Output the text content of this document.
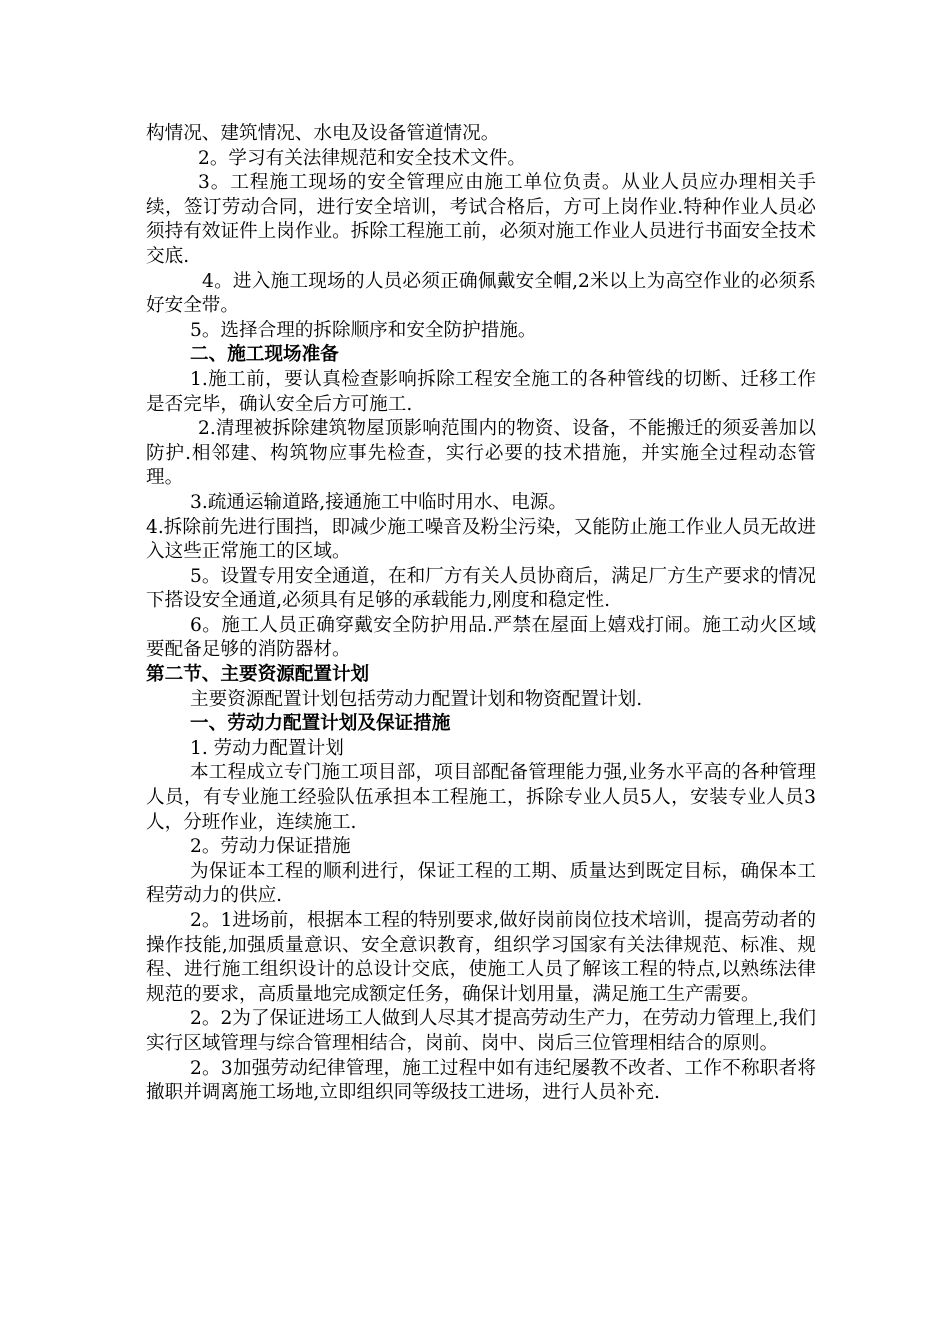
构情况、建筑情况、水电及设备管道情况。

2。学习有关法律规范和安全技术文件。

3。工程施工现场的安全管理应由施工单位负责。从业人员应办理相关手续，签订劳动合同，进行安全培训，考试合格后，方可上岗作业.特种作业人员必须持有效证件上岗作业。拆除工程施工前，必须对施工作业人员进行书面安全技术交底.

4。进入施工现场的人员必须正确佩戴安全帽,2米以上为高空作业的必须系好安全带。

5。选择合理的拆除顺序和安全防护措施。

二、施工现场准备

1.施工前，要认真检查影响拆除工程安全施工的各种管线的切断、迁移工作是否完毕，确认安全后方可施工.

2.清理被拆除建筑物屋顶影响范围内的物资、设备，不能搬迁的须妥善加以防护.相邻建、构筑物应事先检查，实行必要的技术措施，并实施全过程动态管理。

3.疏通运输道路,接通施工中临时用水、电源。

4.拆除前先进行围挡，即减少施工噪音及粉尘污染，又能防止施工作业人员无故进入这些正常施工的区域。

5。设置专用安全通道，在和厂方有关人员协商后，满足厂方生产要求的情况下搭设安全通道,必须具有足够的承载能力,刚度和稳定性.

6。施工人员正确穿戴安全防护用品.严禁在屋面上嬉戏打闹。施工动火区域要配备足够的消防器材。

第二节、主要资源配置计划

主要资源配置计划包括劳动力配置计划和物资配置计划.

一、劳动力配置计划及保证措施

1. 劳动力配置计划

本工程成立专门施工项目部，项目部配备管理能力强,业务水平高的各种管理人员，有专业施工经验队伍承担本工程施工，拆除专业人员5人，安装专业人员3人，分班作业，连续施工.

2。劳动力保证措施

为保证本工程的顺利进行，保证工程的工期、质量达到既定目标，确保本工程劳动力的供应.

2。1进场前，根据本工程的特别要求,做好岗前岗位技术培训，提高劳动者的操作技能,加强质量意识、安全意识教育，组织学习国家有关法律规范、标准、规程、进行施工组织设计的总设计交底，使施工人员了解该工程的特点,以熟练法律规范的要求，高质量地完成额定任务，确保计划用量，满足施工生产需要。

2。2为了保证进场工人做到人尽其才提高劳动生产力，在劳动力管理上,我们实行区域管理与综合管理相结合，岗前、岗中、岗后三位管理相结合的原则。

2。3加强劳动纪律管理，施工过程中如有违纪屡教不改者、工作不称职者将撤职并调离施工场地,立即组织同等级技工进场，进行人员补充.
